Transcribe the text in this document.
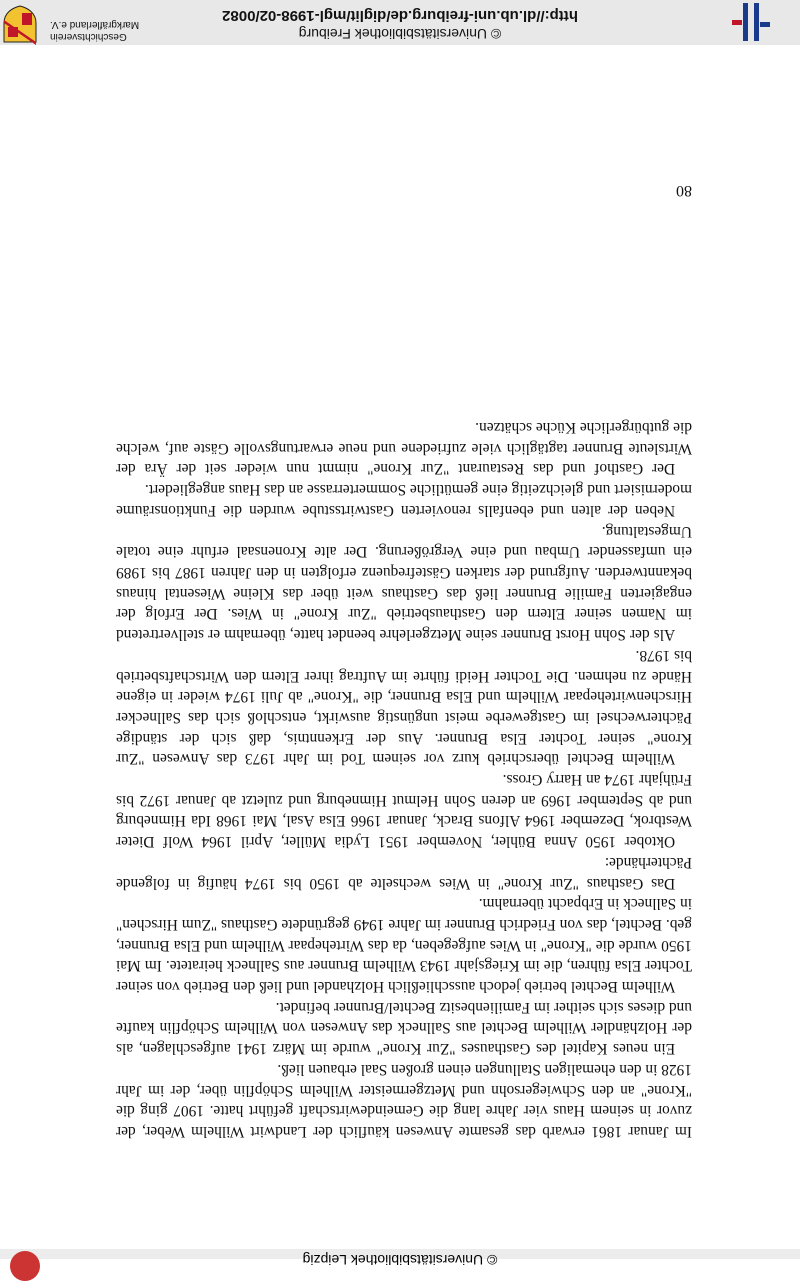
© Universitätsbibliothek Leipzig

Im Januar 1861 erwarb das gesamte Anwesen käuflich der Landwirt Wilhelm Weber, der zuvor in seinem Haus vier Jahre lang die Gemeindewirtschaft geführt hatte. 1907 ging die "Krone" an den Schwiegersohn und Metzgermeister Wilhelm Schöpflin über, der im Jahr 1928 in den ehemaligen Stallungen einen großen Saal erbauen ließ.

Ein neues Kapitel des Gasthauses "Zur Krone" wurde im März 1941 aufgeschlagen, als der Holzhändler Wilhelm Bechtel aus Sallneck das Anwesen von Wilhelm Schöpflin kaufte und dieses sich seither im Familienbesitz Bechtel/Brunner befindet.

Wilhelm Bechtel betrieb jedoch ausschließlich Holzhandel und ließ den Betrieb von seiner Tochter Elsa führen, die im Kriegsjahr 1943 Wilhelm Brunner aus Sallneck heiratete. Im Mai 1950 wurde die "Krone" in Wies aufgegeben, da das Wirtehepaar Wilhelm und Elsa Brunner, geb. Bechtel, das von Friedrich Brunner im Jahre 1949 gegründete Gasthaus "Zum Hirschen" in Sallneck in Erbpacht übernahm.

Das Gasthaus "Zur Krone" in Wies wechselte ab 1950 bis 1974 häufig in folgende Pächterhände:

Oktober 1950 Anna Bühler, November 1951 Lydia Müller, April 1964 Wolf Dieter Westbrok, Dezember 1964 Alfons Brack, Januar 1966 Elsa Asal, Mai 1968 Ida Himneburg und ab September 1969 an deren Sohn Helmut Himneburg und zuletzt ab Januar 1972 bis Frühjahr 1974 an Harry Gross.

Wilhelm Bechtel überschrieb kurz vor seinem Tod im Jahr 1973 das Anwesen "Zur Krone" seiner Tochter Elsa Brunner. Aus der Erkenntnis, daß sich der ständige Pächterwechsel im Gastgewerbe meist ungünstig auswirkt, entschloß sich das Sallnecker Hirschenwirtehepaar Wilhelm und Elsa Brunner, die "Krone" ab Juli 1974 wieder in eigene Hände zu nehmen. Die Tochter Heidi führte im Auftrag ihrer Eltern den Wirtschaftsbetrieb bis 1978.

Als der Sohn Horst Brunner seine Metzgerlehre beendet hatte, übernahm er stellvertretend im Namen seiner Eltern den Gasthausbetrieb "Zur Krone" in Wies. Der Erfolg der engagierten Familie Brunner ließ das Gasthaus weit über das Kleine Wiesental hinaus bekanntwerden. Aufgrund der starken Gästefrequenz erfolgten in den Jahren 1987 bis 1989 ein umfassender Umbau und eine Vergrößerung. Der alte Kronensaal erfuhr eine totale Umgestaltung.

Neben der alten und ebenfalls renovierten Gastwirtsstube wurden die Funktionsräume modernisiert und gleichzeitig eine gemütliche Sommerterrasse an das Haus angegliedert.

Der Gasthof und das Restaurant "Zur Krone" nimmt nun wieder seit der Ära der Wirtsleute Brunner tagtäglich viele zufriedene und neue erwartungsvolle Gäste auf, welche die gutbürgerliche Küche schätzen.

80
© Universitätsbibliothek Freiburg
http://dl.ub.uni-freiburg.de/diglit/mgl-1998-02/0082
Geschichtsverein
Markgräflerland e.V.
